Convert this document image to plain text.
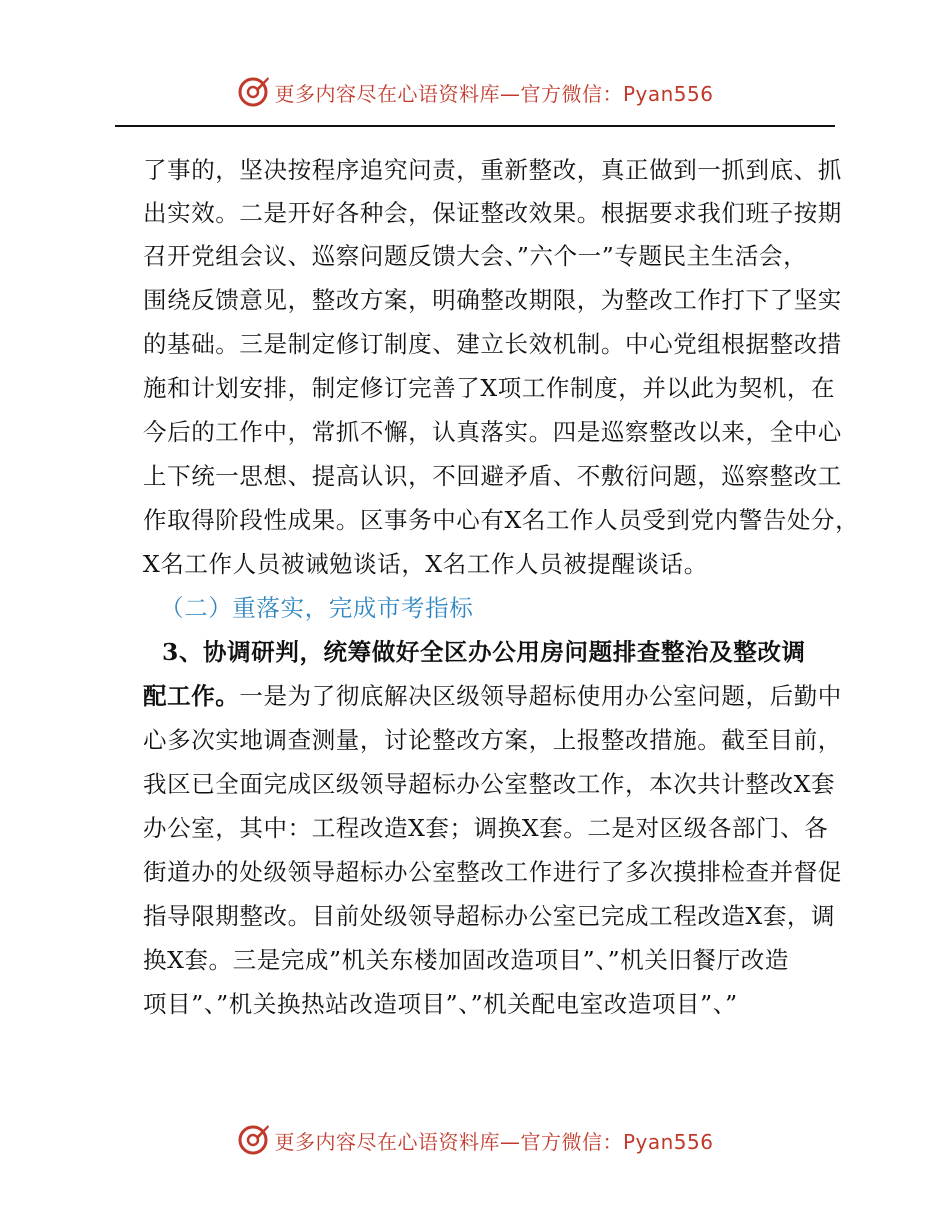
更多内容尽在心语资料库—官方微信：Pyan556
了事的，坚决按程序追究问责，重新整改，真正做到一抓到底、抓
出实效。二是开好各种会，保证整改效果。根据要求我们班子按期
召开党组会议、巡察问题反馈大会、”六个一”专题民主生活会，
围绕反馈意见，整改方案，明确整改期限，为整改工作打下了坚实
的基础。三是制定修订制度、建立长效机制。中心党组根据整改措
施和计划安排，制定修订完善了X项工作制度，并以此为契机，在
今后的工作中，常抓不懈，认真落实。四是巡察整改以来，全中心
上下统一思想、提高认识，不回避矛盾、不敷衍问题，巡察整改工
作取得阶段性成果。区事务中心有X名工作人员受到党内警告处分，
X名工作人员被诫勉谈话，X名工作人员被提醒谈话。
（二）重落实，完成市考指标
3、协调研判，统筹做好全区办公用房问题排查整治及整改调
配工作。一是为了彻底解决区级领导超标使用办公室问题，后勤中
心多次实地调查测量，讨论整改方案，上报整改措施。截至目前，
我区已全面完成区级领导超标办公室整改工作，本次共计整改X套
办公室，其中：工程改造X套；调换X套。二是对区级各部门、各
街道办的处级领导超标办公室整改工作进行了多次摸排检查并督促
指导限期整改。目前处级领导超标办公室已完成工程改造X套，调
换X套。三是完成”机关东楼加固改造项目”、”机关旧餐厅改造
项目”、”机关换热站改造项目”、”机关配电室改造项目”、”
更多内容尽在心语资料库—官方微信：Pyan556
